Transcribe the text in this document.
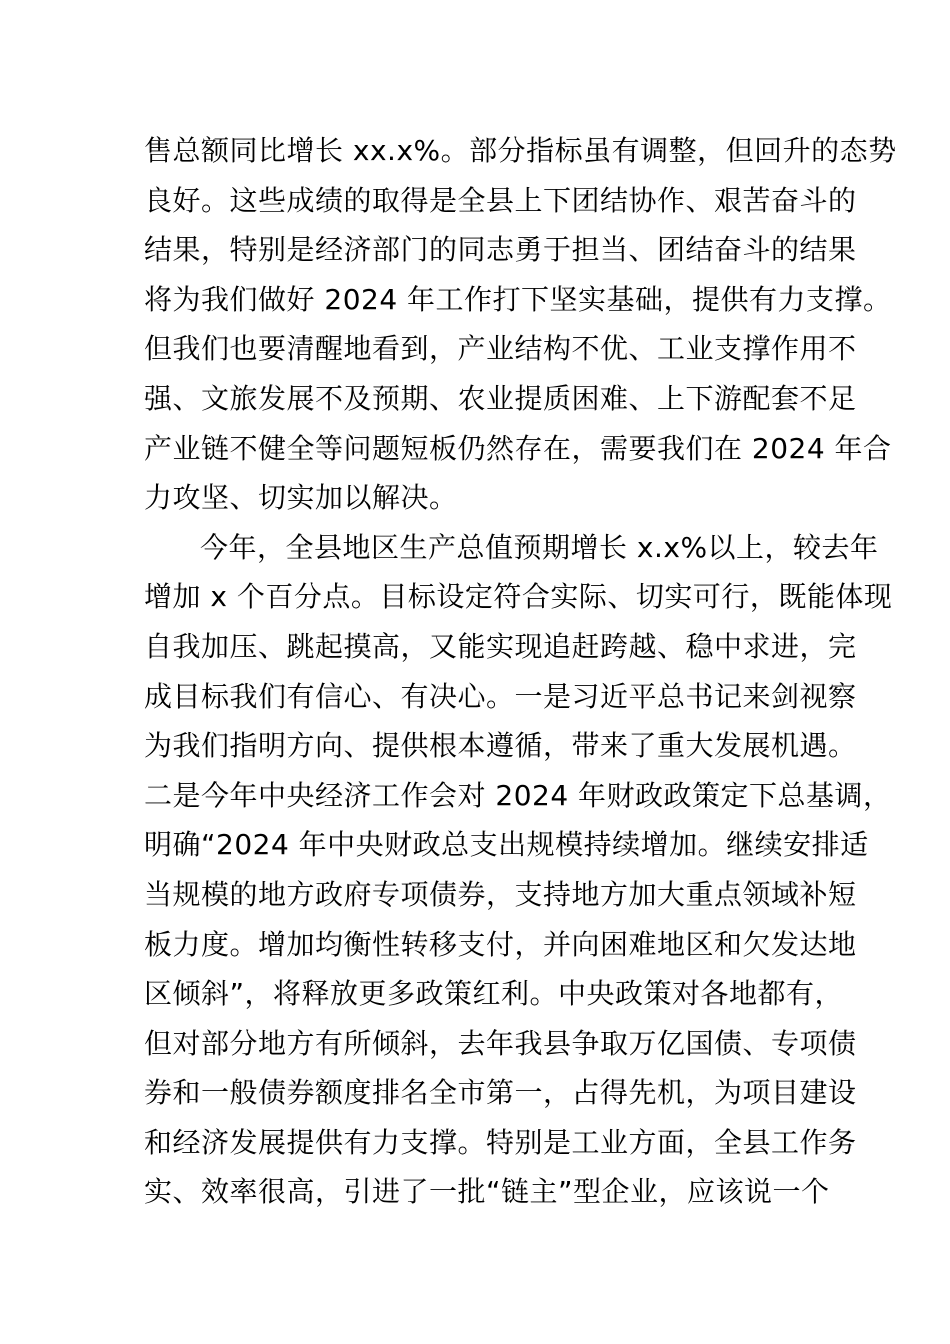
售总额同比增长 xx.x%。部分指标虽有调整，但回升的态势
良好。这些成绩的取得是全县上下团结协作、艰苦奋斗的
结果，特别是经济部门的同志勇于担当、团结奋斗的结果
将为我们做好 2024 年工作打下坚实基础，提供有力支撑。
但我们也要清醒地看到，产业结构不优、工业支撑作用不
强、文旅发展不及预期、农业提质困难、上下游配套不足
产业链不健全等问题短板仍然存在，需要我们在 2024 年合
力攻坚、切实加以解决。
今年，全县地区生产总值预期增长 x.x%以上，较去年
增加 x 个百分点。目标设定符合实际、切实可行，既能体现
自我加压、跳起摸高，又能实现追赶跨越、稳中求进，完
成目标我们有信心、有决心。一是习近平总书记来剑视察
为我们指明方向、提供根本遵循，带来了重大发展机遇。
二是今年中央经济工作会对 2024 年财政政策定下总基调，
明确“2024 年中央财政总支出规模持续增加。继续安排适
当规模的地方政府专项债券，支持地方加大重点领域补短
板力度。增加均衡性转移支付，并向困难地区和欠发达地
区倾斜”，将释放更多政策红利。中央政策对各地都有，
但对部分地方有所倾斜，去年我县争取万亿国债、专项债
券和一般债券额度排名全市第一，占得先机，为项目建设
和经济发展提供有力支撑。特别是工业方面，全县工作务
实、效率很高，引进了一批“链主”型企业，应该说一个
